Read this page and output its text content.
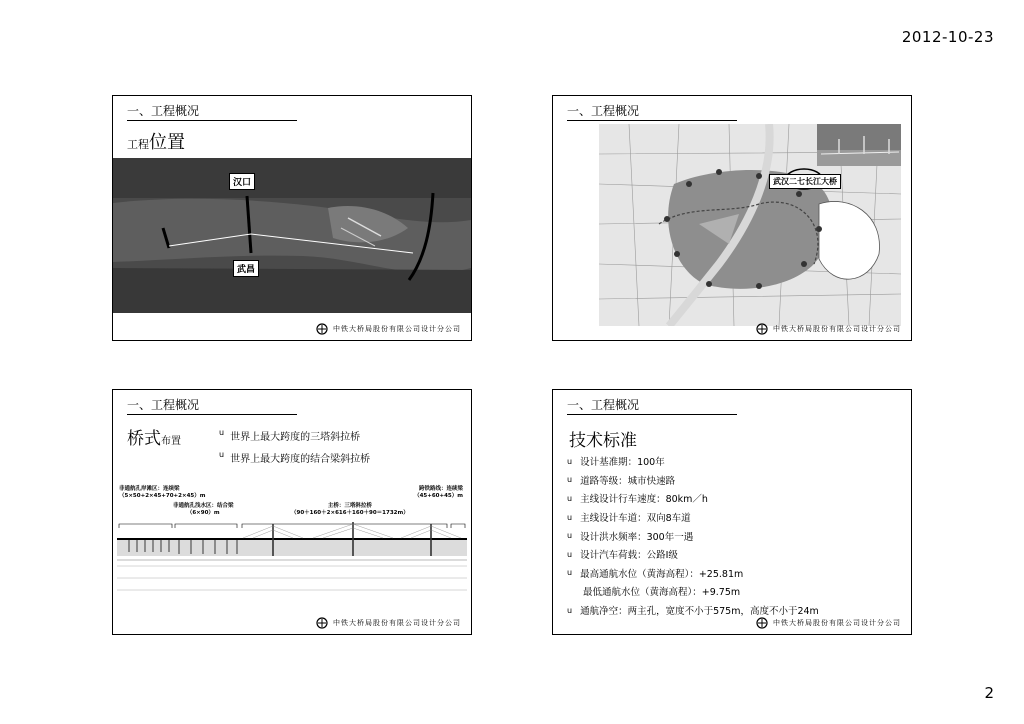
2012-10-23
一、工程概况
工程位置
汉口
武昌
中铁大桥局股份有限公司设计分公司
一、工程概况
武汉二七长江大桥
中铁大桥局股份有限公司设计分公司
一、工程概况
桥式布置
u 世界上最大跨度的三塔斜拉桥
u 世界上最大跨度的结合梁斜拉桥
非通航孔岸滩区：连续梁
（5×50+2×45+70+2×45）m
非通航孔浅水区：结合梁
（6×90）m
主桥：三塔斜拉桥
（90＋160＋2×616＋160＋90＝1732m）
跨铁路线：连续梁
（45+60+45）m
中铁大桥局股份有限公司设计分公司
一、工程概况
技术标准
u 设计基准期：100年
u 道路等级：城市快速路
u 主线设计行车速度：80km／h
u 主线设计车道：双向8车道
u 设计洪水频率：300年一遇
u 设计汽车荷载：公路Ⅰ级
u 最高通航水位（黄海高程）：+25.81m
最低通航水位（黄海高程）：+9.75m
u 通航净空：两主孔，宽度不小于575m，高度不小于24m
中铁大桥局股份有限公司设计分公司
2
